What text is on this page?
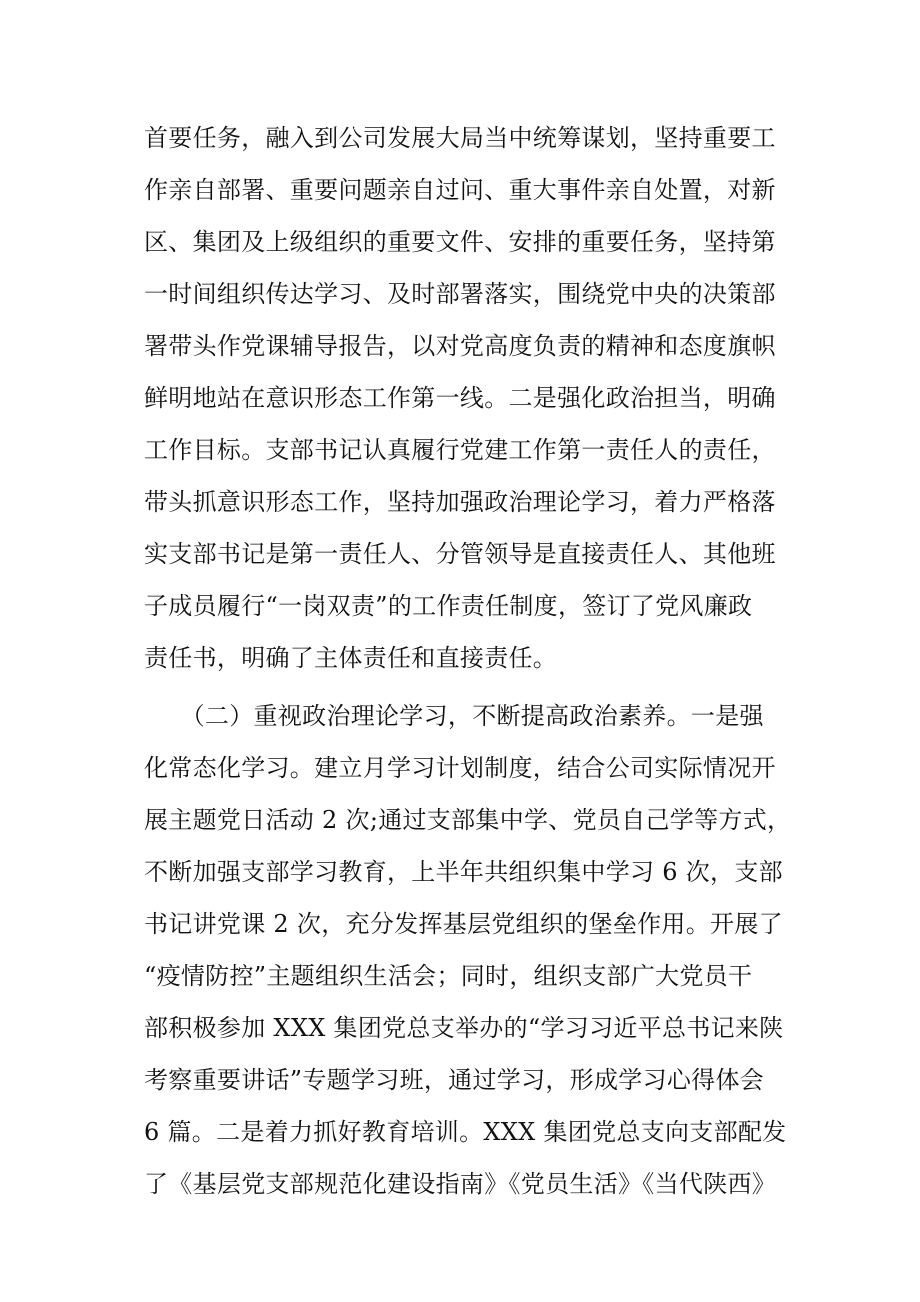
首要任务，融入到公司发展大局当中统筹谋划，坚持重要工
作亲自部署、重要问题亲自过问、重大事件亲自处置，对新
区、集团及上级组织的重要文件、安排的重要任务，坚持第
一时间组织传达学习、及时部署落实，围绕党中央的决策部
署带头作党课辅导报告，以对党高度负责的精神和态度旗帜
鲜明地站在意识形态工作第一线。二是强化政治担当，明确
工作目标。支部书记认真履行党建工作第一责任人的责任，
带头抓意识形态工作，坚持加强政治理论学习，着力严格落
实支部书记是第一责任人、分管领导是直接责任人、其他班
子成员履行“一岗双责”的工作责任制度，签订了党风廉政
责任书，明确了主体责任和直接责任。
　　（二）重视政治理论学习，不断提高政治素养。一是强
化常态化学习。建立月学习计划制度，结合公司实际情况开
展主题党日活动 2 次;通过支部集中学、党员自己学等方式，
不断加强支部学习教育，上半年共组织集中学习 6 次，支部
书记讲党课 2 次，充分发挥基层党组织的堡垒作用。开展了
“疫情防控”主题组织生活会；同时，组织支部广大党员干
部积极参加 XXX 集团党总支举办的“学习习近平总书记来陕
考察重要讲话”专题学习班，通过学习，形成学习心得体会
6 篇。二是着力抓好教育培训。XXX 集团党总支向支部配发
了《基层党支部规范化建设指南》《党员生活》《当代陕西》
